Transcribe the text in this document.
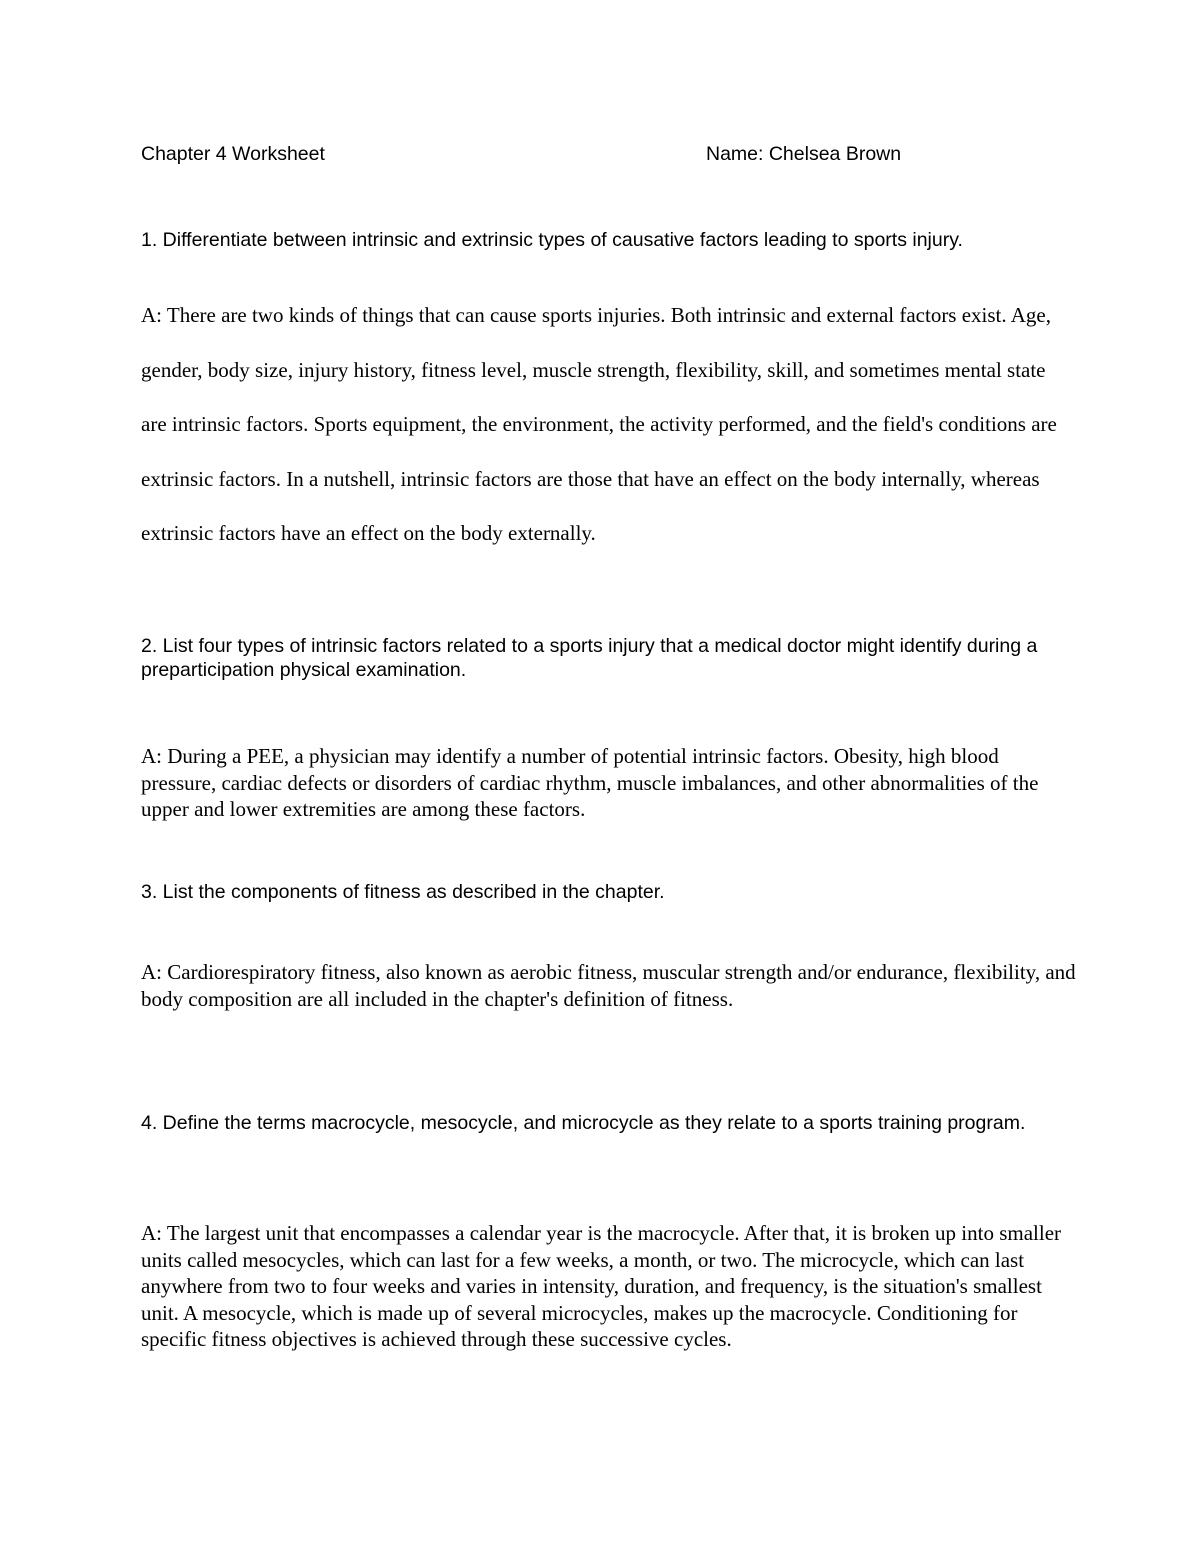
Chapter 4 Worksheet	Name: Chelsea Brown

1. Differentiate between intrinsic and extrinsic types of causative factors leading to sports injury.

A: There are two kinds of things that can cause sports injuries. Both intrinsic and external factors exist. Age, gender, body size, injury history, fitness level, muscle strength, flexibility, skill, and sometimes mental state are intrinsic factors. Sports equipment, the environment, the activity performed, and the field's conditions are extrinsic factors. In a nutshell, intrinsic factors are those that have an effect on the body internally, whereas extrinsic factors have an effect on the body externally.

2. List four types of intrinsic factors related to a sports injury that a medical doctor might identify during a preparticipation physical examination.

A: During a PEE, a physician may identify a number of potential intrinsic factors. Obesity, high blood pressure, cardiac defects or disorders of cardiac rhythm, muscle imbalances, and other abnormalities of the upper and lower extremities are among these factors.

3. List the components of fitness as described in the chapter.

A: Cardiorespiratory fitness, also known as aerobic fitness, muscular strength and/or endurance, flexibility, and body composition are all included in the chapter's definition of fitness.

4. Define the terms macrocycle, mesocycle, and microcycle as they relate to a sports training program.

A: The largest unit that encompasses a calendar year is the macrocycle. After that, it is broken up into smaller units called mesocycles, which can last for a few weeks, a month, or two. The microcycle, which can last anywhere from two to four weeks and varies in intensity, duration, and frequency, is the situation's smallest unit. A mesocycle, which is made up of several microcycles, makes up the macrocycle. Conditioning for specific fitness objectives is achieved through these successive cycles.
